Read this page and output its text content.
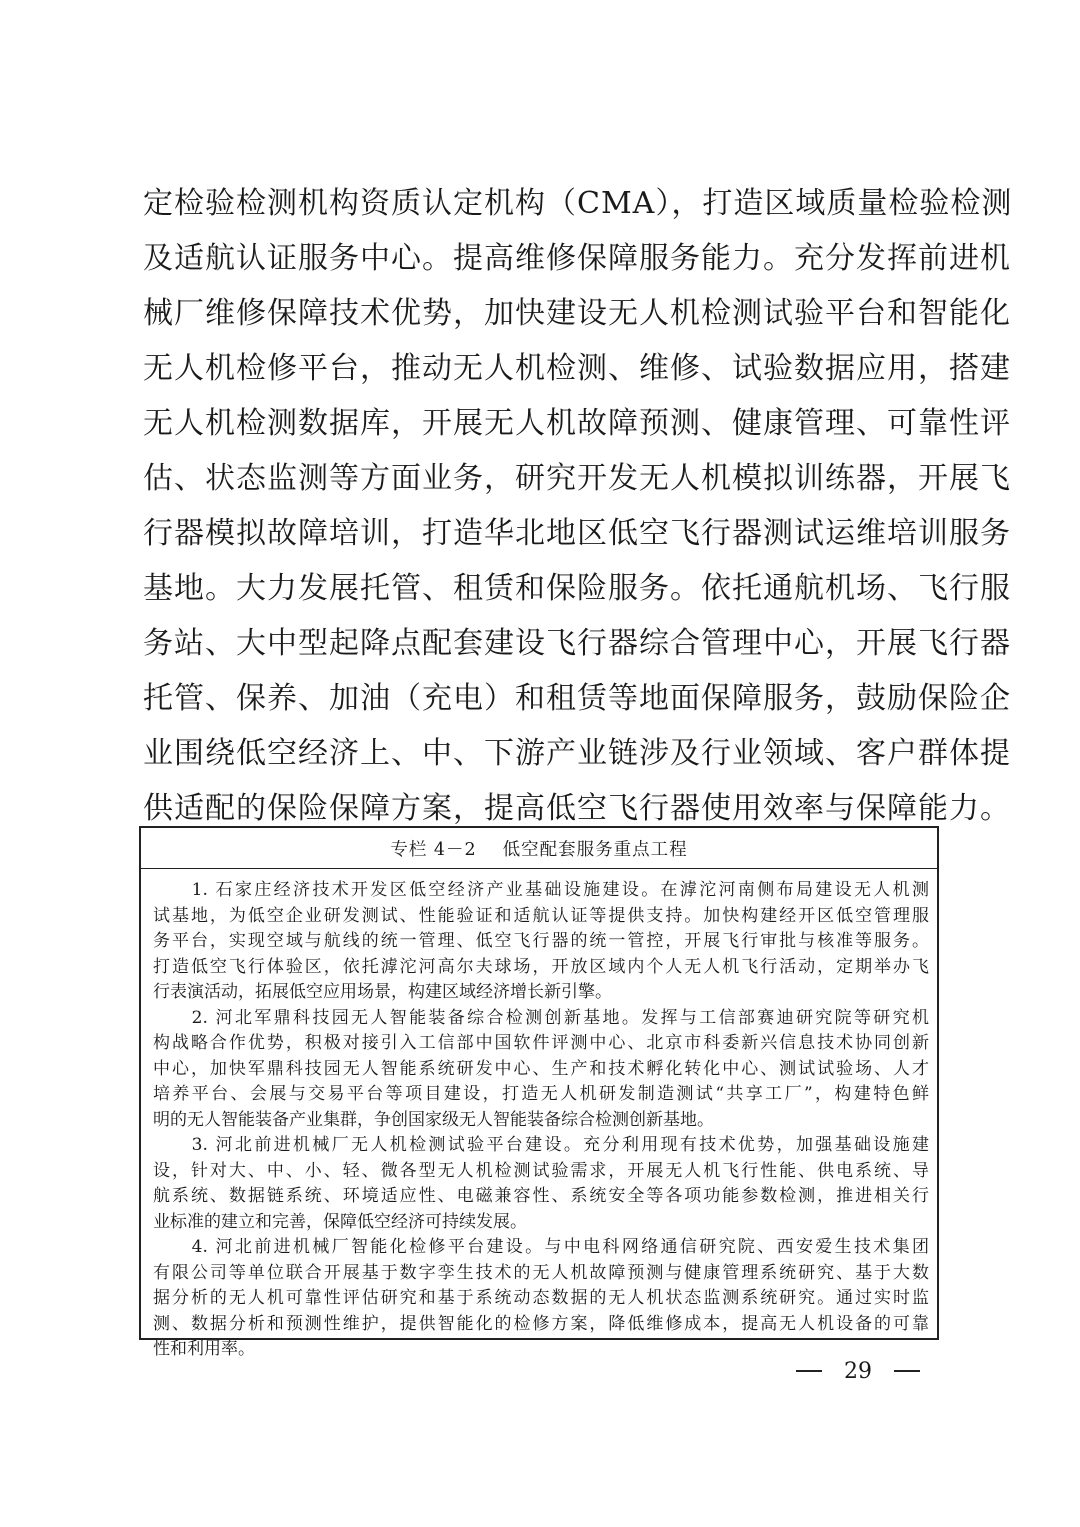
定检验检测机构资质认定机构（CMA），打造区域质量检验检测
及适航认证服务中心。提高维修保障服务能力。充分发挥前进机
械厂维修保障技术优势，加快建设无人机检测试验平台和智能化
无人机检修平台，推动无人机检测、维修、试验数据应用，搭建
无人机检测数据库，开展无人机故障预测、健康管理、可靠性评
估、状态监测等方面业务，研究开发无人机模拟训练器，开展飞
行器模拟故障培训，打造华北地区低空飞行器测试运维培训服务
基地。大力发展托管、租赁和保险服务。依托通航机场、飞行服
务站、大中型起降点配套建设飞行器综合管理中心，开展飞行器
托管、保养、加油（充电）和租赁等地面保障服务，鼓励保险企
业围绕低空经济上、中、下游产业链涉及行业领域、客户群体提
供适配的保险保障方案，提高低空飞行器使用效率与保障能力。
专栏 4－2 低空配套服务重点工程
　　1. 石家庄经济技术开发区低空经济产业基础设施建设。在滹沱河南侧布局建设无人机测
试基地，为低空企业研发测试、性能验证和适航认证等提供支持。加快构建经开区低空管理服
务平台，实现空域与航线的统一管理、低空飞行器的统一管控，开展飞行审批与核准等服务。
打造低空飞行体验区，依托滹沱河高尔夫球场，开放区域内个人无人机飞行活动，定期举办飞
行表演活动，拓展低空应用场景，构建区域经济增长新引擎。
　　2. 河北军鼎科技园无人智能装备综合检测创新基地。发挥与工信部赛迪研究院等研究机
构战略合作优势，积极对接引入工信部中国软件评测中心、北京市科委新兴信息技术协同创新
中心，加快军鼎科技园无人智能系统研发中心、生产和技术孵化转化中心、测试试验场、人才
培养平台、会展与交易平台等项目建设，打造无人机研发制造测试“共享工厂”，构建特色鲜
明的无人智能装备产业集群，争创国家级无人智能装备综合检测创新基地。
　　3. 河北前进机械厂无人机检测试验平台建设。充分利用现有技术优势，加强基础设施建
设，针对大、中、小、轻、微各型无人机检测试验需求，开展无人机飞行性能、供电系统、导
航系统、数据链系统、环境适应性、电磁兼容性、系统安全等各项功能参数检测，推进相关行
业标准的建立和完善，保障低空经济可持续发展。
　　4. 河北前进机械厂智能化检修平台建设。与中电科网络通信研究院、西安爱生技术集团
有限公司等单位联合开展基于数字孪生技术的无人机故障预测与健康管理系统研究、基于大数
据分析的无人机可靠性评估研究和基于系统动态数据的无人机状态监测系统研究。通过实时监
测、数据分析和预测性维护，提供智能化的检修方案，降低维修成本，提高无人机设备的可靠
性和利用率。
29
